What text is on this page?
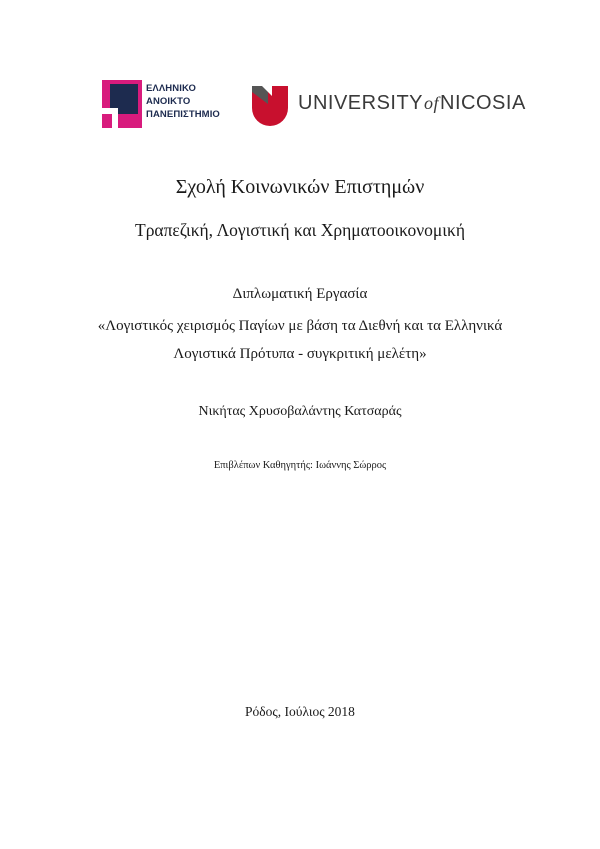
ΕΛΛΗΝΙΚΟ
ΑΝΟΙΚΤΟ
ΠΑΝΕΠΙΣΤΗΜΙΟ
UNIVERSITYofNICOSIA
Σχολή Κοινωνικών Επιστημών
Τραπεζική, Λογιστική και Χρηματοοικονομική
Διπλωματική Εργασία
«Λογιστικός χειρισμός Παγίων με βάση τα Διεθνή και τα Ελληνικά
Λογιστικά Πρότυπα - συγκριτική μελέτη»
Νικήτας Χρυσοβαλάντης Κατσαράς
Επιβλέπων Καθηγητής: Ιωάννης Σώρρος
Ρόδος, Ιούλιος 2018
